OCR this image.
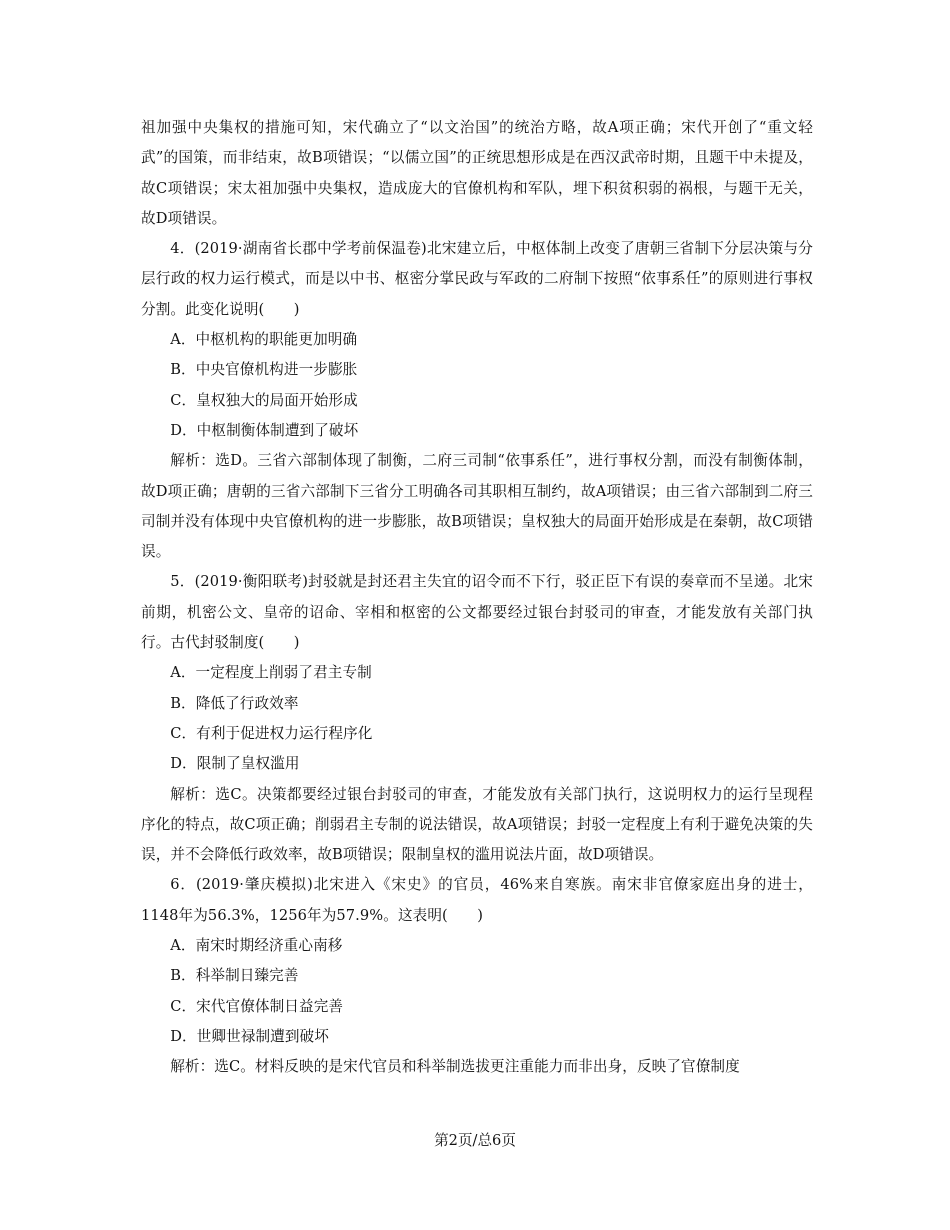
祖加强中央集权的措施可知，宋代确立了“以文治国”的统治方略，故A项正确；宋代开创了“重文轻武”的国策，而非结束，故B项错误；“以儒立国”的正统思想形成是在西汉武帝时期，且题干中未提及，故C项错误；宋太祖加强中央集权，造成庞大的官僚机构和军队，埋下积贫积弱的祸根，与题干无关，故D项错误。

4．(2019·湖南省长郡中学考前保温卷)北宋建立后，中枢体制上改变了唐朝三省制下分层决策与分层行政的权力运行模式，而是以中书、枢密分掌民政与军政的二府制下按照“依事系任”的原则进行事权分割。此变化说明(　　)

A．中枢机构的职能更加明确

B．中央官僚机构进一步膨胀

C．皇权独大的局面开始形成

D．中枢制衡体制遭到了破坏

解析：选D。三省六部制体现了制衡，二府三司制“依事系任”，进行事权分割，而没有制衡体制，故D项正确；唐朝的三省六部制下三省分工明确各司其职相互制约，故A项错误；由三省六部制到二府三司制并没有体现中央官僚机构的进一步膨胀，故B项错误；皇权独大的局面开始形成是在秦朝，故C项错误。

5．(2019·衡阳联考)封驳就是封还君主失宜的诏令而不下行，驳正臣下有误的奏章而不呈递。北宋前期，机密公文、皇帝的诏命、宰相和枢密的公文都要经过银台封驳司的审查，才能发放有关部门执行。古代封驳制度(　　)

A．一定程度上削弱了君主专制

B．降低了行政效率

C．有利于促进权力运行程序化

D．限制了皇权滥用

解析：选C。决策都要经过银台封驳司的审查，才能发放有关部门执行，这说明权力的运行呈现程序化的特点，故C项正确；削弱君主专制的说法错误，故A项错误；封驳一定程度上有利于避免决策的失误，并不会降低行政效率，故B项错误；限制皇权的滥用说法片面，故D项错误。

6．(2019·肇庆模拟)北宋进入《宋史》的官员，46%来自寒族。南宋非官僚家庭出身的进士，1148年为56.3%，1256年为57.9%。这表明(　　)

A．南宋时期经济重心南移

B．科举制日臻完善

C．宋代官僚体制日益完善

D．世卿世禄制遭到破坏

解析：选C。材料反映的是宋代官员和科举制选拔更注重能力而非出身，反映了官僚制度

第2页/总6页
